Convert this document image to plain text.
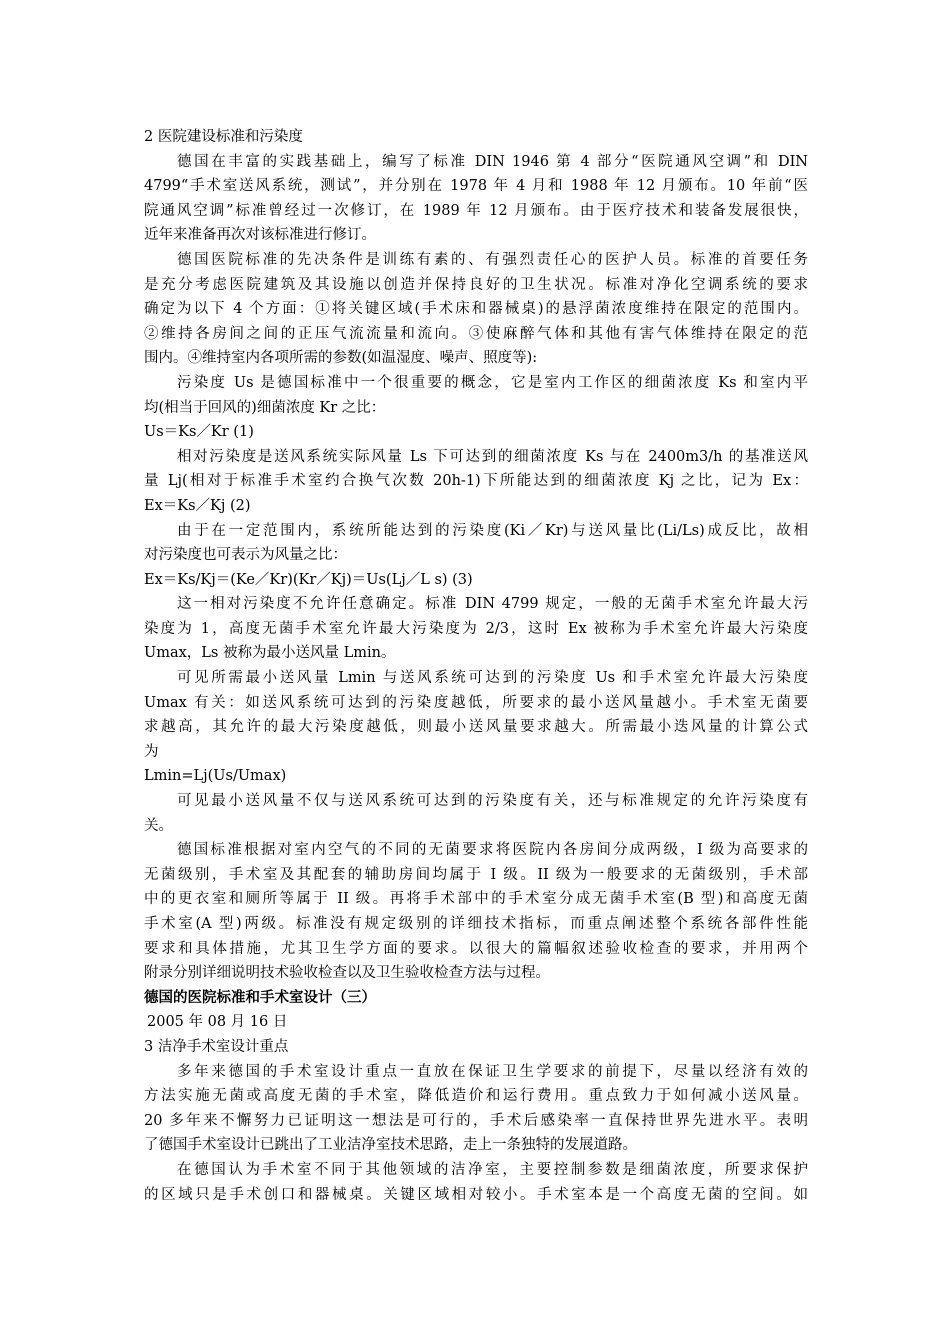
2 医院建设标准和污染度
德国在丰富的实践基础上，编写了标准 DIN 1946 第 4 部分“医院通风空调”和 DIN
4799“手术室送风系统，测试”，并分别在 1978 年 4 月和 1988 年 12 月颁布。10 年前“医
院通风空调”标准曾经过一次修订，在 1989 年 12 月颁布。由于医疗技术和装备发展很快，
近年来准备再次对该标准进行修订。
德国医院标准的先决条件是训练有素的、有强烈责任心的医护人员。标准的首要任务
是充分考虑医院建筑及其设施以创造并保持良好的卫生状况。标准对净化空调系统的要求
确定为以下 4 个方面：①将关键区域(手术床和器械桌)的悬浮菌浓度维持在限定的范围内。
②维持各房间之间的正压气流流量和流向。③使麻醉气体和其他有害气体维持在限定的范
围内。④维持室内各项所需的参数(如温湿度、噪声、照度等):
污染度 Us 是德国标准中一个很重要的概念，它是室内工作区的细菌浓度 Ks 和室内平
均(相当于回风的)细菌浓度 Kr 之比：
Us＝Ks／Kr (1)
相对污染度是送风系统实际风量 Ls 下可达到的细菌浓度 Ks 与在 2400m3/h 的基准送风
量 Lj(相对于标准手术室约合换气次数 20h-1)下所能达到的细菌浓度 Kj 之比，记为 Ex：
Ex＝Ks／Kj (2)
由于在一定范围内，系统所能达到的污染度(Ki／Kr)与送风量比(Li/Ls)成反比，故相
对污染度也可表示为风量之比：
Ex＝Ks/Kj＝(Ke／Kr)(Kr／Kj)＝Us(Lj／L s) (3)
这一相对污染度不允许任意确定。标准 DIN 4799 规定，一般的无菌手术室允许最大污
染度为 1，高度无菌手术室允许最大污染度为 2/3，这时 Ex 被称为手术室允许最大污染度
Umax，Ls 被称为最小送风量 Lmin。
可见所需最小送风量 Lmin 与送风系统可达到的污染度 Us 和手术室允许最大污染度
Umax 有关：如送风系统可达到的污染度越低，所要求的最小送风量越小。手术室无菌要
求越高，其允许的最大污染度越低，则最小送风量要求越大。所需最小迭风量的计算公式
为
Lmin=Lj(Us/Umax)
可见最小送风量不仅与送风系统可达到的污染度有关，还与标准规定的允许污染度有
关。
德国标准根据对室内空气的不同的无菌要求将医院内各房间分成两级，I 级为高要求的
无菌级别，手术室及其配套的辅助房间均属于 I 级。II 级为一般要求的无菌级别，手术部
中的更衣室和厕所等属于 II 级。再将手术部中的手术室分成无菌手术室(B 型)和高度无菌
手术室(A 型)两级。标准没有规定级别的详细技术指标，而重点阐述整个系统各部件性能
要求和具体措施，尤其卫生学方面的要求。以很大的篇幅叙述验收检查的要求，并用两个
附录分别详细说明技术验收检查以及卫生验收检查方法与过程。
德国的医院标准和手术室设计（三）
2005 年 08 月 16 日
3 洁净手术室设计重点
多年来德国的手术室设计重点一直放在保证卫生学要求的前提下，尽量以经济有效的
方法实施无菌或高度无菌的手术室，降低造价和运行费用。重点致力于如何减小送风量。
20 多年来不懈努力已证明这一想法是可行的，手术后感染率一直保持世界先进水平。表明
了德国手术室设计已跳出了工业洁净室技术思路，走上一条独特的发展道路。
在德国认为手术室不同于其他领域的洁净室，主要控制参数是细菌浓度，所要求保护
的区域只是手术创口和器械桌。关键区域相对较小。手术室本是一个高度无菌的空间。如
